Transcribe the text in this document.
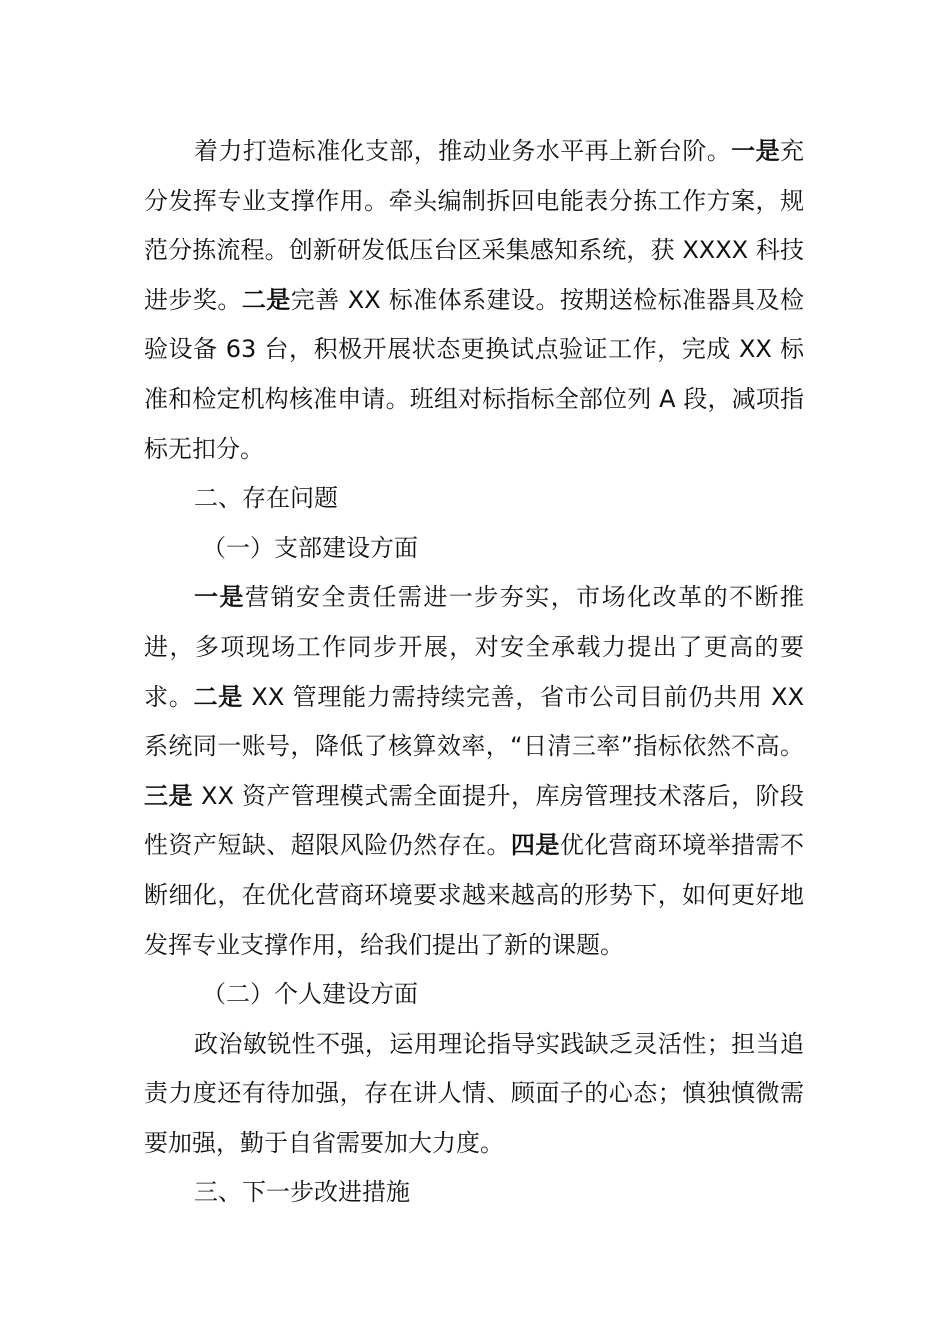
着力打造标准化支部，推动业务水平再上新台阶。一是充分发挥专业支撑作用。牵头编制拆回电能表分拣工作方案，规范分拣流程。创新研发低压台区采集感知系统，获 XXXX 科技进步奖。二是完善 XX 标准体系建设。按期送检标准器具及检验设备 63 台，积极开展状态更换试点验证工作，完成 XX 标准和检定机构核准申请。班组对标指标全部位列 A 段，减项指标无扣分。

二、存在问题

（一）支部建设方面

一是营销安全责任需进一步夯实，市场化改革的不断推进，多项现场工作同步开展，对安全承载力提出了更高的要求。二是 XX 管理能力需持续完善，省市公司目前仍共用 XX 系统同一账号，降低了核算效率，“日清三率”指标依然不高。三是 XX 资产管理模式需全面提升，库房管理技术落后，阶段性资产短缺、超限风险仍然存在。四是优化营商环境举措需不断细化，在优化营商环境要求越来越高的形势下，如何更好地发挥专业支撑作用，给我们提出了新的课题。

（二）个人建设方面

政治敏锐性不强，运用理论指导实践缺乏灵活性；担当追责力度还有待加强，存在讲人情、顾面子的心态；慎独慎微需要加强，勤于自省需要加大力度。

三、下一步改进措施
